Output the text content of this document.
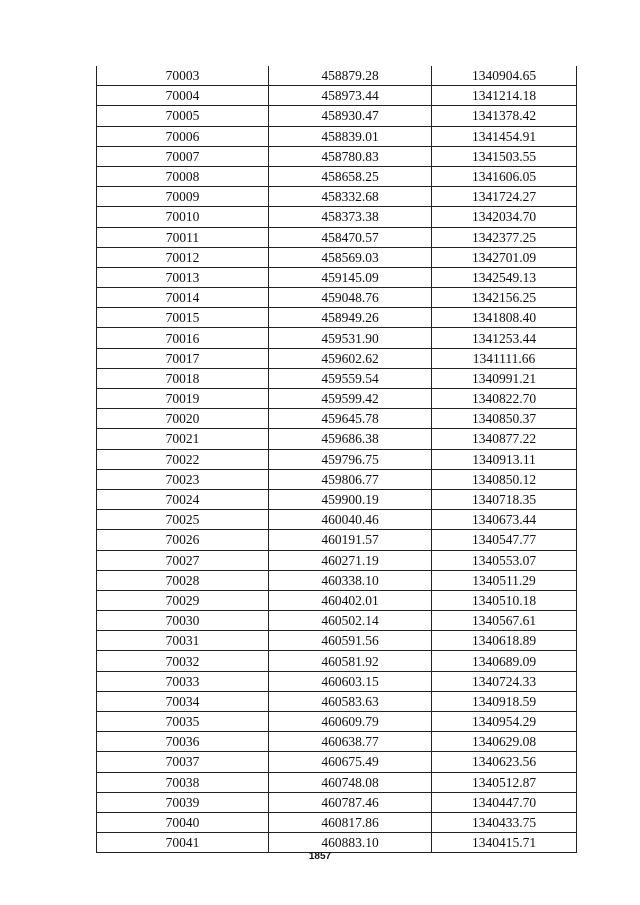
70003	458879.28	1340904.65
70004	458973.44	1341214.18
70005	458930.47	1341378.42
70006	458839.01	1341454.91
70007	458780.83	1341503.55
70008	458658.25	1341606.05
70009	458332.68	1341724.27
70010	458373.38	1342034.70
70011	458470.57	1342377.25
70012	458569.03	1342701.09
70013	459145.09	1342549.13
70014	459048.76	1342156.25
70015	458949.26	1341808.40
70016	459531.90	1341253.44
70017	459602.62	1341111.66
70018	459559.54	1340991.21
70019	459599.42	1340822.70
70020	459645.78	1340850.37
70021	459686.38	1340877.22
70022	459796.75	1340913.11
70023	459806.77	1340850.12
70024	459900.19	1340718.35
70025	460040.46	1340673.44
70026	460191.57	1340547.77
70027	460271.19	1340553.07
70028	460338.10	1340511.29
70029	460402.01	1340510.18
70030	460502.14	1340567.61
70031	460591.56	1340618.89
70032	460581.92	1340689.09
70033	460603.15	1340724.33
70034	460583.63	1340918.59
70035	460609.79	1340954.29
70036	460638.77	1340629.08
70037	460675.49	1340623.56
70038	460748.08	1340512.87
70039	460787.46	1340447.70
70040	460817.86	1340433.75
70041	460883.10	1340415.71
1857
